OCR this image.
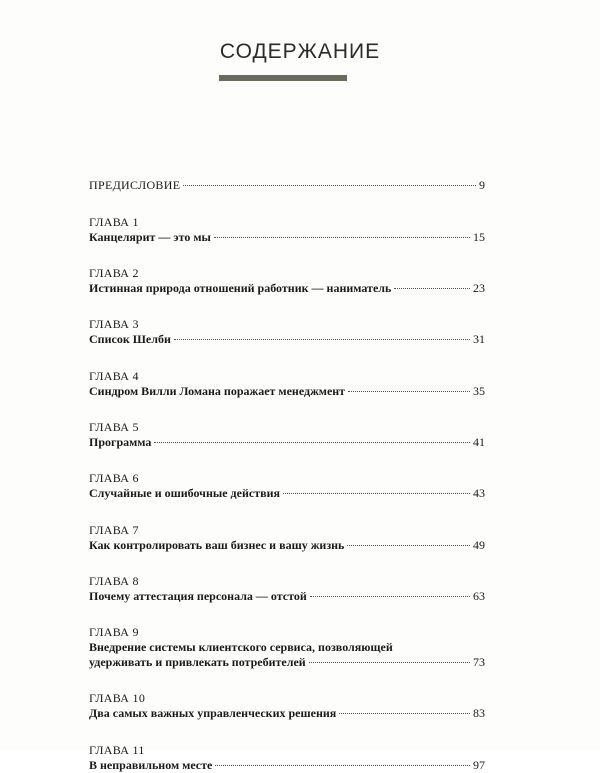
СОДЕРЖАНИЕ
ПРЕДИСЛОВИЕ	9
ГЛАВА 1
Канцелярит — это мы	15
ГЛАВА 2
Истинная природа отношений работник — наниматель	23
ГЛАВА 3
Список Шелби	31
ГЛАВА 4
Синдром Вилли Ломана поражает менеджмент	35
ГЛАВА 5
Программа	41
ГЛАВА 6
Случайные и ошибочные действия	43
ГЛАВА 7
Как контролировать ваш бизнес и вашу жизнь	49
ГЛАВА 8
Почему аттестация персонала — отстой	63
ГЛАВА 9
Внедрение системы клиентского сервиса, позволяющей
удерживать и привлекать потребителей	73
ГЛАВА 10
Два самых важных управленческих решения	83
ГЛАВА 11
В неправильном месте	97
